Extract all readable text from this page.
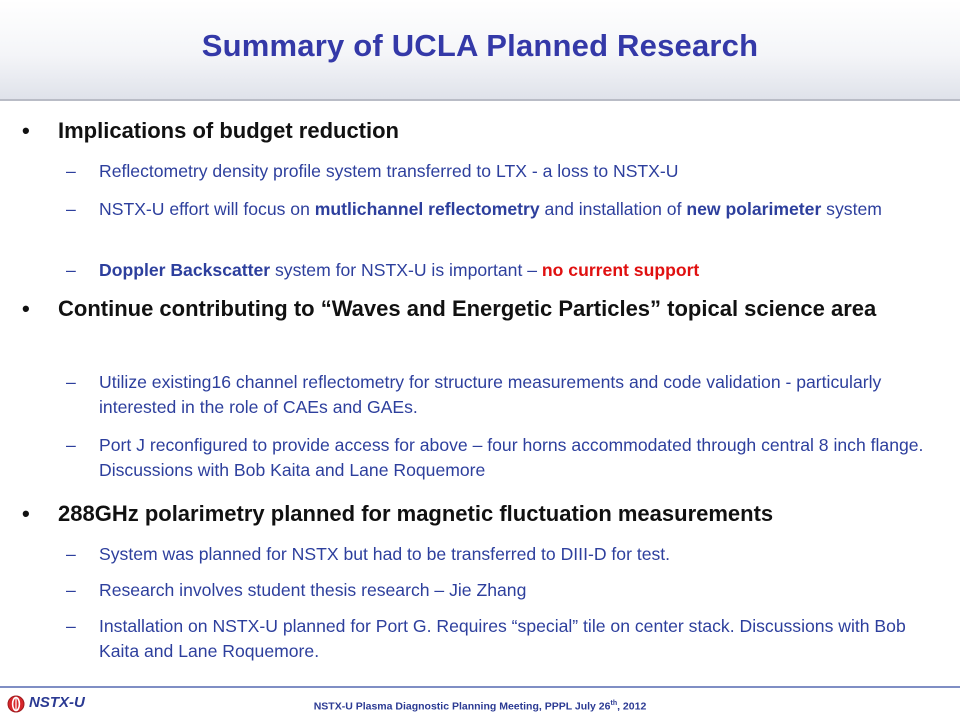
Summary of UCLA Planned Research
•	Implications of budget reduction
–	Reflectometry density profile system transferred to LTX - a loss to NSTX-U
–	NSTX-U effort will focus on mutlichannel reflectometry and installation of new polarimeter system
–	Doppler Backscatter system for NSTX-U is important – no current support
•	Continue contributing to “Waves and Energetic Particles” topical science area
–	Utilize existing16 channel reflectometry for structure measurements and code validation - particularly interested in the role of CAEs and GAEs.
–	Port J reconfigured to provide access for above – four horns accommodated through central 8 inch flange. Discussions with Bob Kaita and Lane Roquemore
•	288GHz polarimetry planned for magnetic fluctuation measurements
–	System was planned for NSTX but had to be transferred to DIII-D for test.
–	Research involves student thesis research – Jie Zhang
–	Installation on NSTX-U planned for Port G. Requires “special” tile on center stack. Discussions with Bob Kaita and Lane Roquemore.
NSTX-U	NSTX-U Plasma Diagnostic Planning Meeting, PPPL July 26th, 2012
